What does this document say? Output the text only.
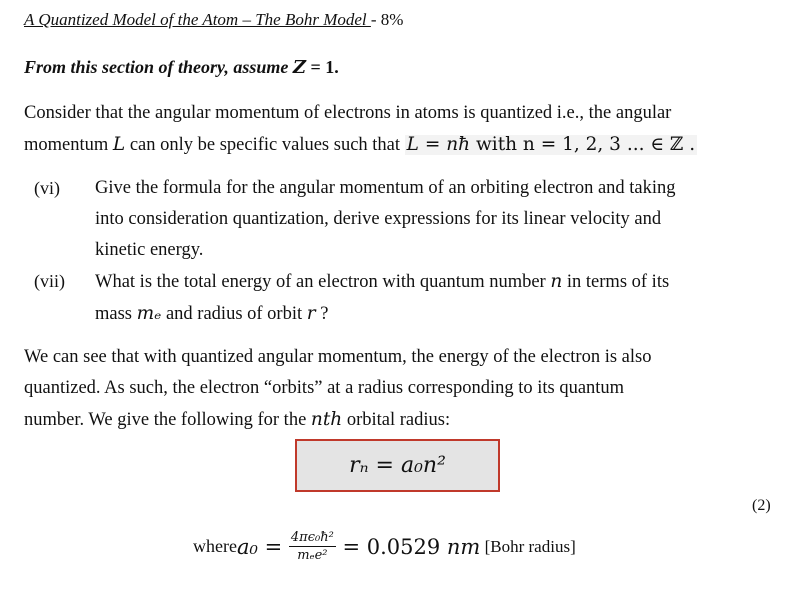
A Quantized Model of the Atom – The Bohr Model - 8%
From this section of theory, assume Z = 1.
Consider that the angular momentum of electrons in atoms is quantized i.e., the angular
momentum L can only be specific values such that L = nħ with n = 1, 2, 3 ... ∈ ℤ .
(vi) Give the formula for the angular momentum of an orbiting electron and taking
into consideration quantization, derive expressions for its linear velocity and
kinetic energy.
(vii) What is the total energy of an electron with quantum number n in terms of its
mass mₑ and radius of orbit r ?
We can see that with quantized angular momentum, the energy of the electron is also
quantized. As such, the electron “orbits” at a radius corresponding to its quantum
number. We give the following for the nth orbital radius:
rₙ = a₀n²
(2)
where $a_0 = \frac{\text{4πϵ₀ħ²}}{\text{mₑe²}} = 0.0529$ nm [Bohr radius]
